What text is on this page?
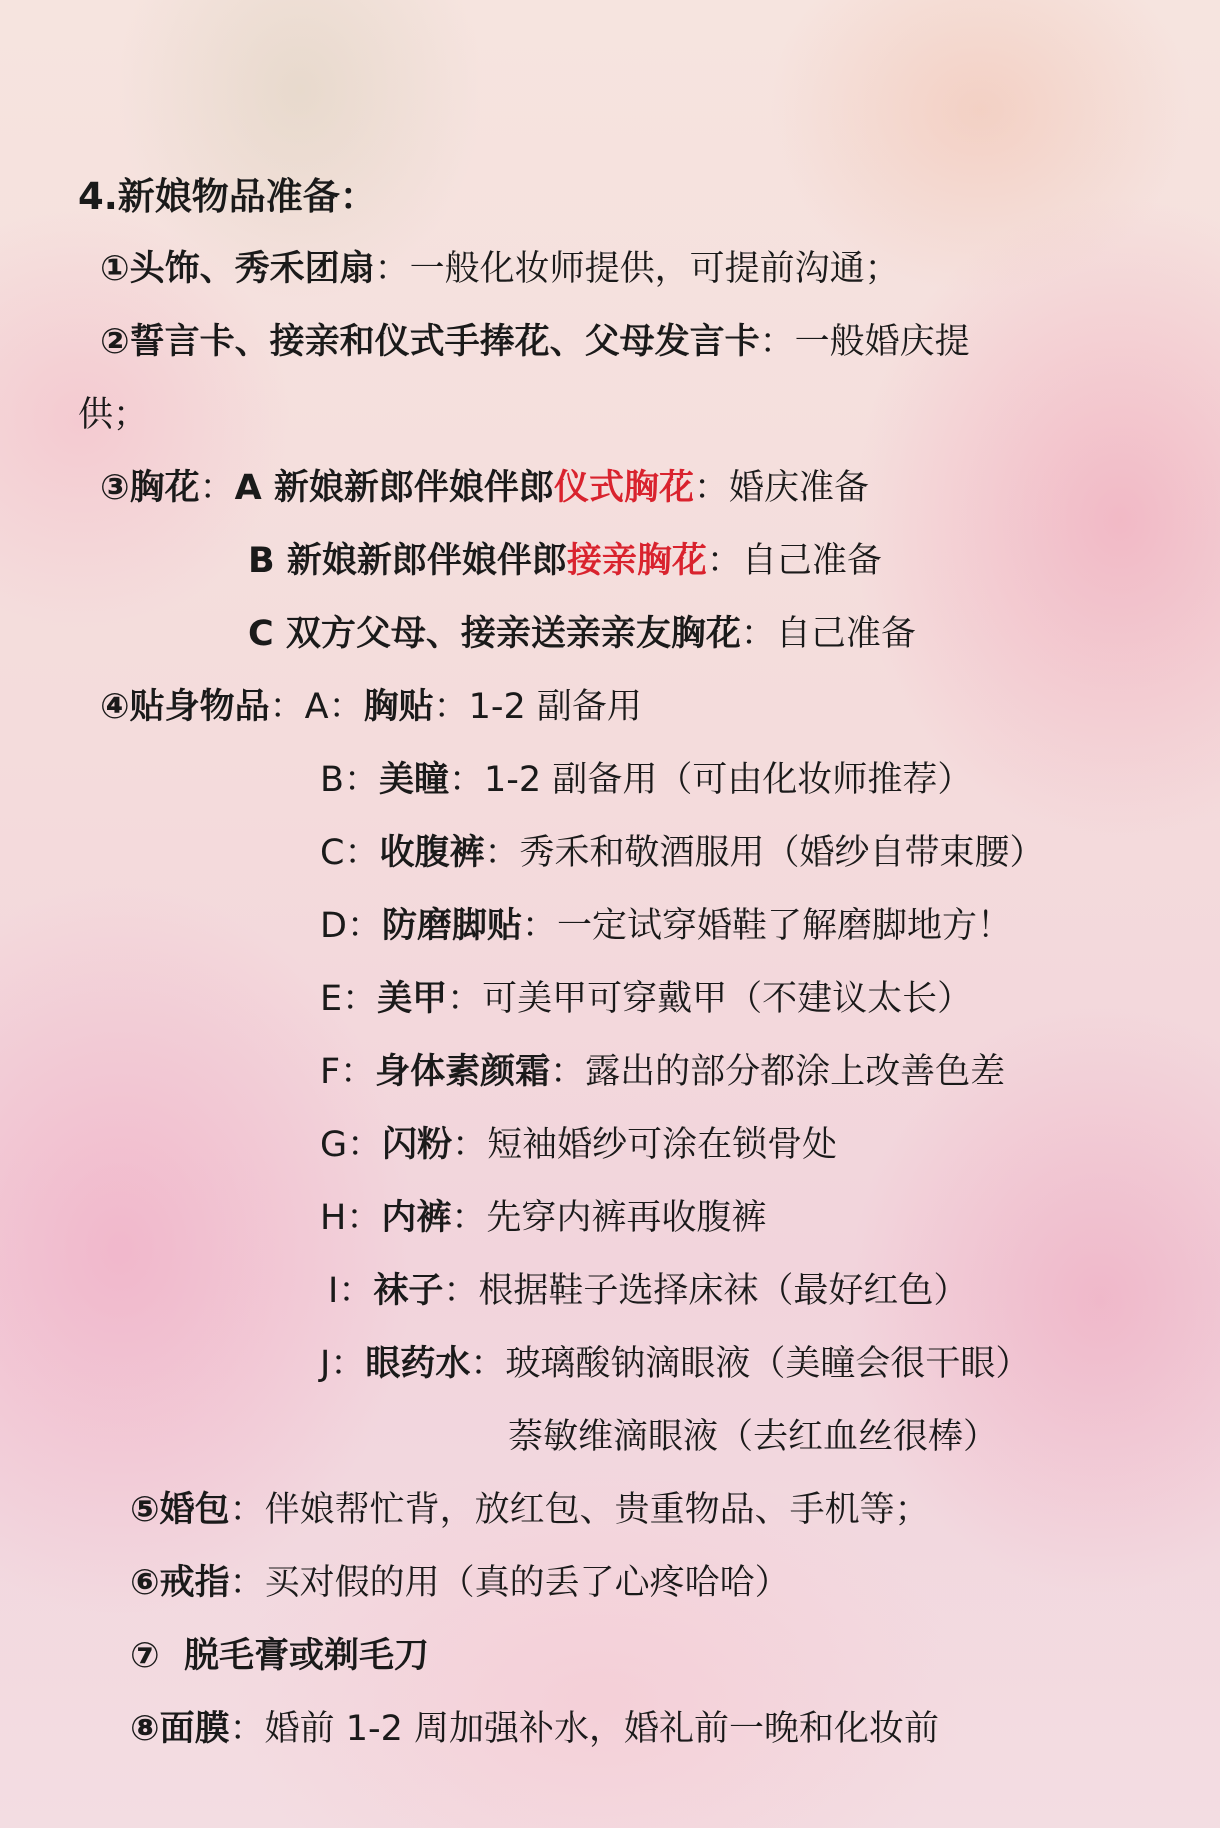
4.新娘物品准备：
①头饰、秀禾团扇：一般化妆师提供，可提前沟通；
②誓言卡、接亲和仪式手捧花、父母发言卡：一般婚庆提
供；
③胸花：A 新娘新郎伴娘伴郎仪式胸花：婚庆准备
B 新娘新郎伴娘伴郎接亲胸花：自己准备
C 双方父母、接亲送亲亲友胸花：自己准备
④贴身物品：A：胸贴：1-2 副备用
B：美瞳：1-2 副备用（可由化妆师推荐）
C：收腹裤：秀禾和敬酒服用（婚纱自带束腰）
D：防磨脚贴：一定试穿婚鞋了解磨脚地方！
E：美甲：可美甲可穿戴甲（不建议太长）
F：身体素颜霜：露出的部分都涂上改善色差
G：闪粉：短袖婚纱可涂在锁骨处
H：内裤：先穿内裤再收腹裤
I：袜子：根据鞋子选择床袜（最好红色）
J：眼药水：玻璃酸钠滴眼液（美瞳会很干眼）
萘敏维滴眼液（去红血丝很棒）
⑤婚包：伴娘帮忙背，放红包、贵重物品、手机等；
⑥戒指：买对假的用（真的丢了心疼哈哈）
⑦  脱毛膏或剃毛刀
⑧面膜：婚前 1-2 周加强补水，婚礼前一晚和化妆前
